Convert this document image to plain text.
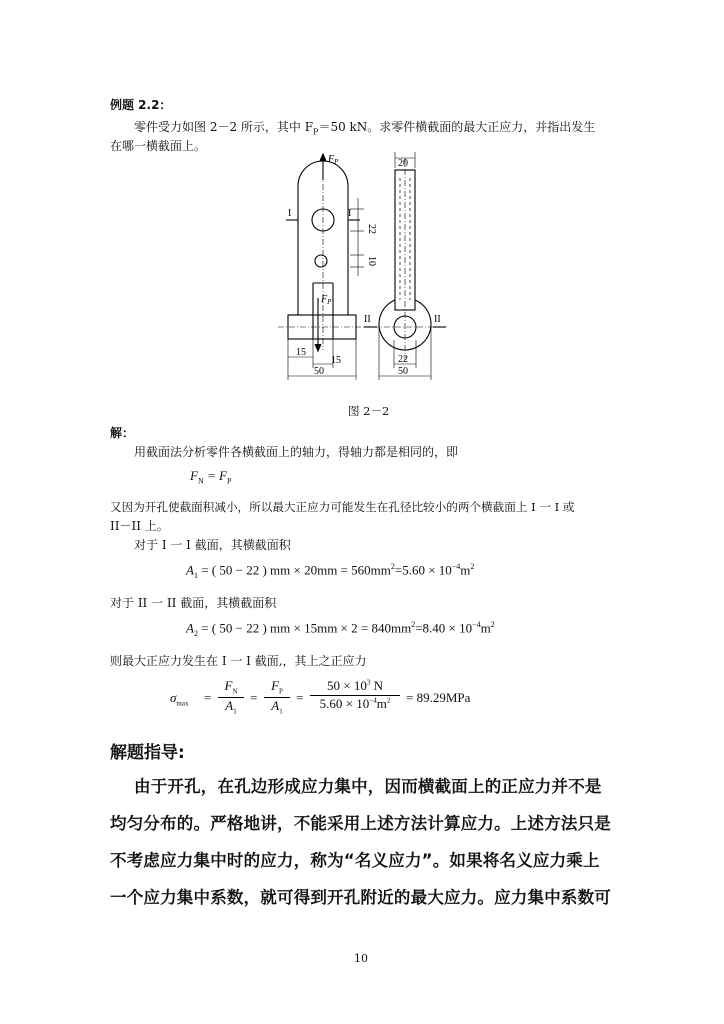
例题 2.2：
零件受力如图 2－2 所示，其中 $F_P=50$ kN。求零件横截面的最大正应力，并指出发生
在哪一横截面上。
$F_P$
$F_P$
I	I
II	II
20
22
10
15
15
50
22
50
图 2－2
解：
用截面法分析零件各横截面上的轴力，得轴力都是相同的，即
$F_N = F_P$
又因为开孔使截面积减小，所以最大正应力可能发生在孔径比较小的两个横截面上 I 一 I 或
II－II 上。
对于 I 一 I 截面，其横截面积
$A_1$ = ( 50 − 22 ) mm × $20mm = 560mm^2=5.60 \times 10^{-4}m^2$
对于 II 一 II 截面，其横截面积
$A_2$ = ( 50 − 22 ) mm × $15mm \times 2 = 840mm^2=8.40 \times 10^{-4}m^2$
则最大正应力发生在 I 一 I 截面,，其上之正应力
$\sigma_{max}$ =
$F_N$
$A_1$
=
$F_P$
$A_1$
=
$50 \times 10^3$ N
$5.60 \times 10^{-4}m^2$	= 89.29MPa
解题指导:
由于开孔，在孔边形成应力集中，因而横截面上的正应力并不是
均匀分布的。严格地讲，不能采用上述方法计算应力。上述方法只是
不考虑应力集中时的应力，称为“名义应力”。如果将名义应力乘上
一个应力集中系数，就可得到开孔附近的最大应力。应力集中系数可
10
